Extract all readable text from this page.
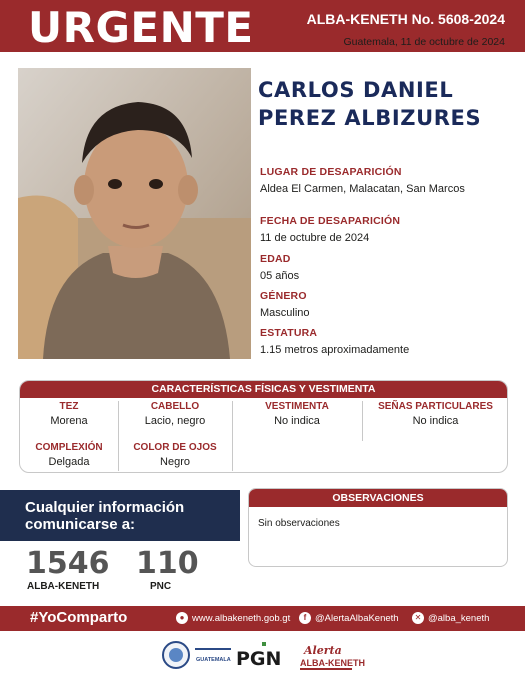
URGENTE	ALBA-KENETH No. 5608-2024
Guatemala, 11 de octubre de 2024
CARLOS DANIEL
PEREZ ALBIZURES
LUGAR DE DESAPARICIÓN
Aldea El Carmen, Malacatan, San Marcos
FECHA DE DESAPARICIÓN
11 de octubre de 2024
EDAD
05 años
GÉNERO
Masculino
ESTATURA
1.15 metros aproximadamente
CARACTERÍSTICAS FÍSICAS Y VESTIMENTA
TEZ
Morena
CABELLO
Lacio, negro
VESTIMENTA
No indica
SEÑAS PARTICULARES
No indica
COMPLEXIÓN
Delgada
COLOR DE OJOS
Negro
Cualquier información
comunicarse a:
1546
ALBA-KENETH
110
PNC
OBSERVACIONES
Sin observaciones
#YoComparto	● www.albakeneth.gob.gt	f @AlertaAlbaKeneth	✕ @alba_keneth
GUATEMALA PGN Alerta
ALBA-KENETH
